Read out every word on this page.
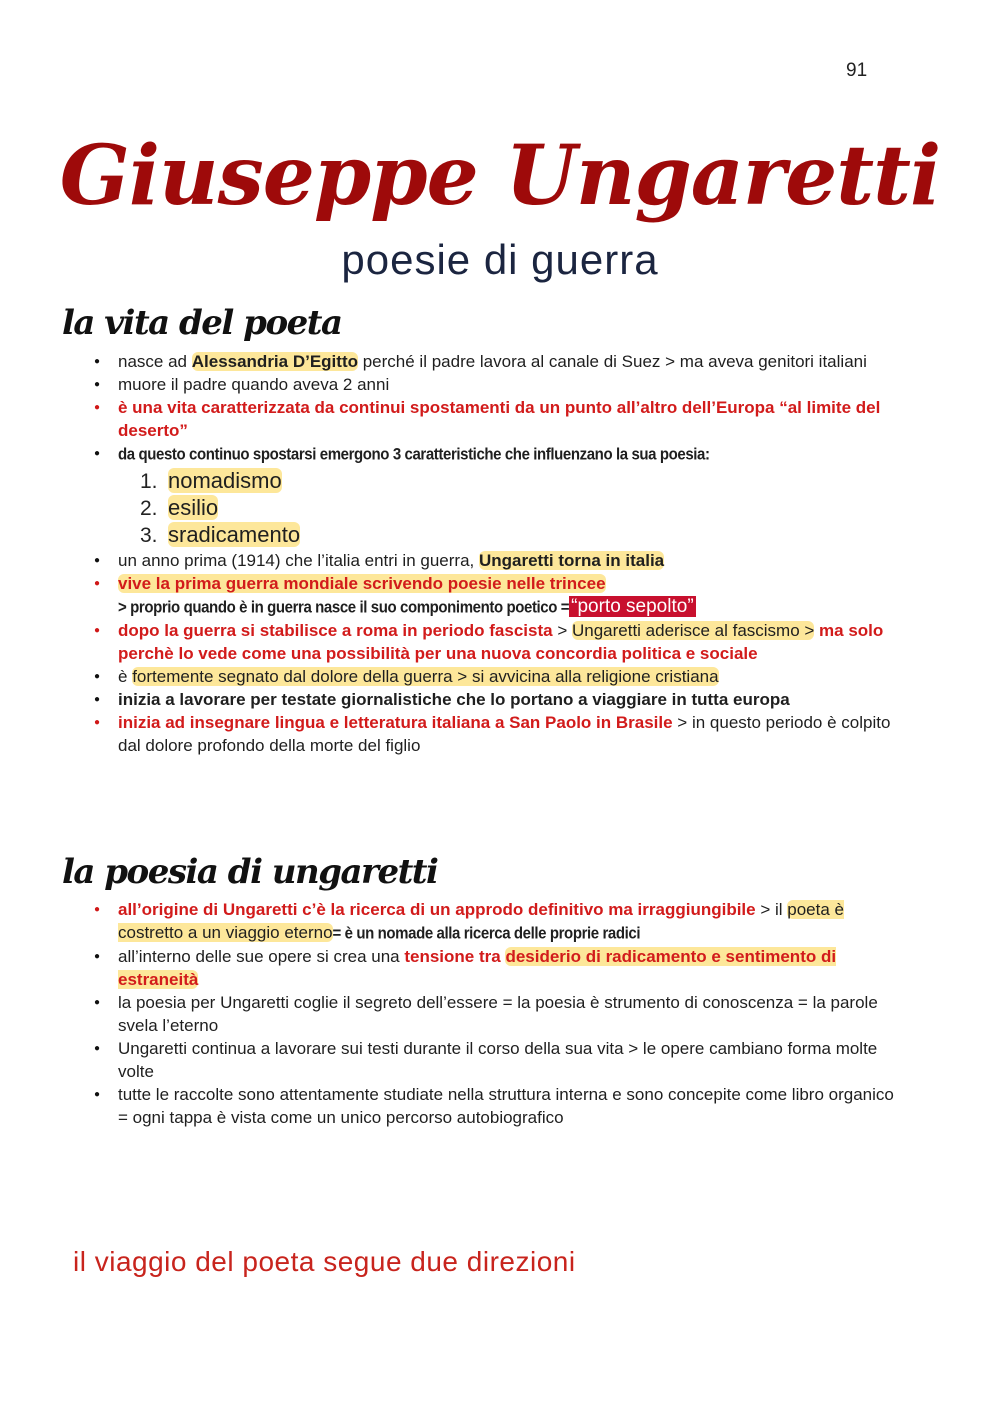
91
Giuseppe Ungaretti
poesie di guerra
la vita del poeta
● nasce ad Alessandria D’Egitto perché il padre lavora al canale di Suez > ma aveva genitori italiani
● muore il padre quando aveva 2 anni
● è una vita caratterizzata da continui spostamenti da un punto all’altro dell’Europa “al limite del deserto”
● da questo continuo spostarsi emergono 3 caratteristiche che influenzano la sua poesia:
1. nomadismo
2. esilio
3. sradicamento
● un anno prima (1914) che l’italia entri in guerra, Ungaretti torna in italia
● vive la prima guerra mondiale scrivendo poesie nelle trincee> proprio quando è in guerra nasce il suo componimento poetico =“porto sepolto”
● dopo la guerra si stabilisce a roma in periodo fascista > Ungaretti aderisce al fascismo > ma solo perchè lo vede come una possibilità per una nuova concordia politica e sociale
● è fortemente segnato dal dolore della guerra > si avvicina alla religione cristiana
● inizia a lavorare per testate giornalistiche che lo portano a viaggiare in tutta europa
● inizia ad insegnare lingua e letteratura italiana a San Paolo in Brasile > in questo periodo è colpito dal dolore profondo della morte del figlio
la poesia di ungaretti
● all’origine di Ungaretti c’è la ricerca di un approdo definitivo ma irraggiungibile > il poeta è costretto a un viaggio eterno= è un nomade alla ricerca delle proprie radici
● all’interno delle sue opere si crea una tensione tra desiderio di radicamento e sentimento di estraneità
● la poesia per Ungaretti coglie il segreto dell’essere = la poesia è strumento di conoscenza = la parole svela l’eterno
● Ungaretti continua a lavorare sui testi durante il corso della sua vita > le opere cambiano forma molte volte
● tutte le raccolte sono attentamente studiate nella struttura interna e sono concepite come libro organico = ogni tappa è vista come un unico percorso autobiografico
il viaggio del poeta segue due direzioni
